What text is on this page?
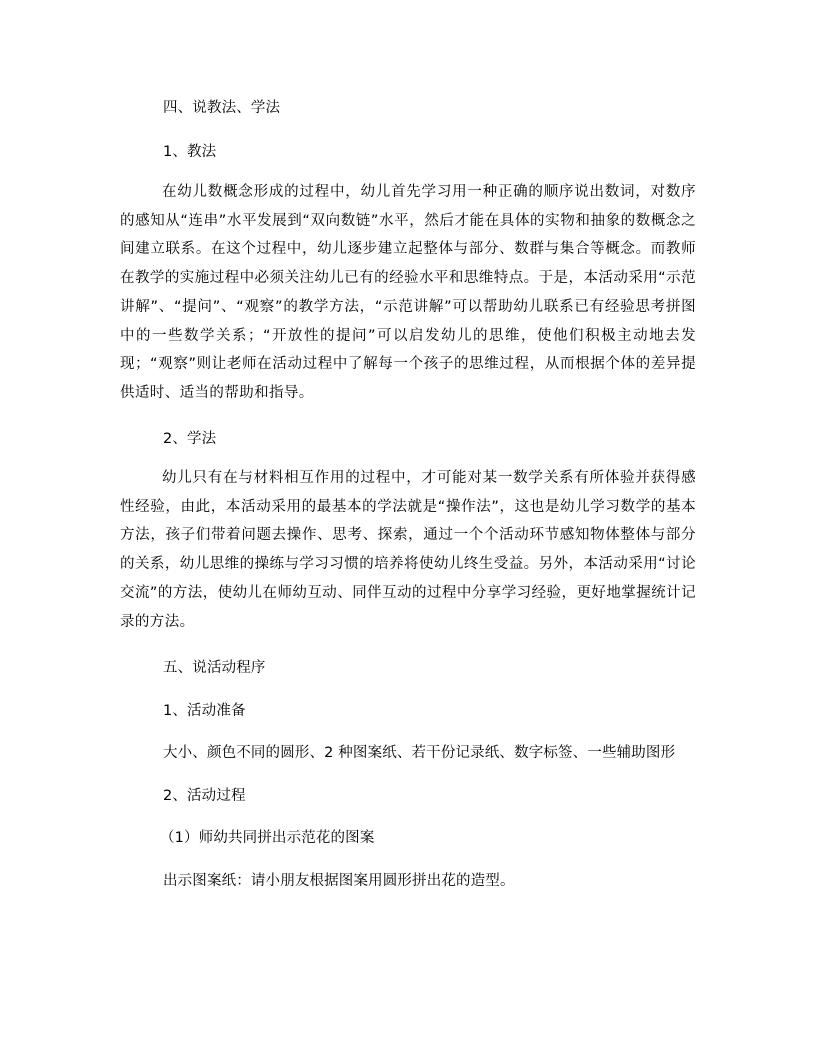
四、说教法、学法
1、教法
在幼儿数概念形成的过程中，幼儿首先学习用一种正确的顺序说出数词，对数序的感知从“连串”水平发展到“双向数链”水平，然后才能在具体的实物和抽象的数概念之间建立联系。在这个过程中，幼儿逐步建立起整体与部分、数群与集合等概念。而教师在教学的实施过程中必须关注幼儿已有的经验水平和思维特点。于是，本活动采用“示范讲解”、“提问”、“观察”的教学方法，“示范讲解”可以帮助幼儿联系已有经验思考拼图中的一些数学关系；“开放性的提问”可以启发幼儿的思维，使他们积极主动地去发现；“观察”则让老师在活动过程中了解每一个孩子的思维过程，从而根据个体的差异提供适时、适当的帮助和指导。
2、学法
幼儿只有在与材料相互作用的过程中，才可能对某一数学关系有所体验并获得感性经验，由此，本活动采用的最基本的学法就是“操作法”，这也是幼儿学习数学的基本方法，孩子们带着问题去操作、思考、探索，通过一个个活动环节感知物体整体与部分的关系，幼儿思维的操练与学习习惯的培养将使幼儿终生受益。另外，本活动采用“讨论交流”的方法，使幼儿在师幼互动、同伴互动的过程中分享学习经验，更好地掌握统计记录的方法。
五、说活动程序
1、活动准备
大小、颜色不同的圆形、2 种图案纸、若干份记录纸、数字标签、一些辅助图形
2、活动过程
（1）师幼共同拼出示范花的图案
出示图案纸：请小朋友根据图案用圆形拼出花的造型。
